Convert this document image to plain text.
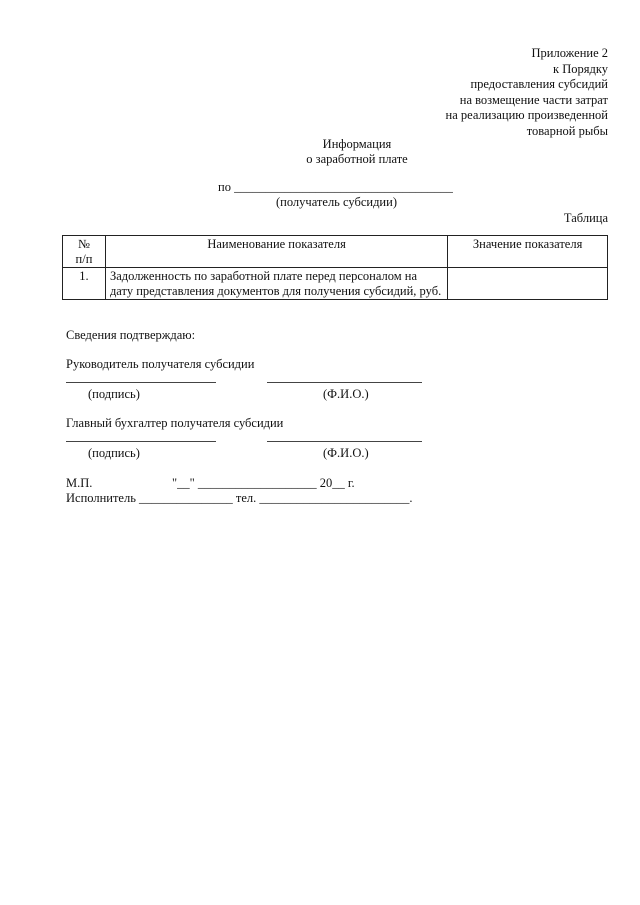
Приложение 2
к Порядку
предоставления субсидий
на возмещение части затрат
на реализацию произведенной
товарной рыбы
Информация
о заработной плате
по ___________________________________
(получатель субсидии)
Таблица
№
п/п	Наименование показателя	Значение показателя
1.	Задолженность по заработной плате перед персоналом на дату представления документов для получения субсидий, руб.	
Сведения подтверждаю:
Руководитель получателя субсидии
(подпись)	(Ф.И.О.)
Главный бухгалтер получателя субсидии
(подпись)	(Ф.И.О.)
М.П.	"__" ___________________ 20__ г.
Исполнитель _______________ тел. ________________________.
